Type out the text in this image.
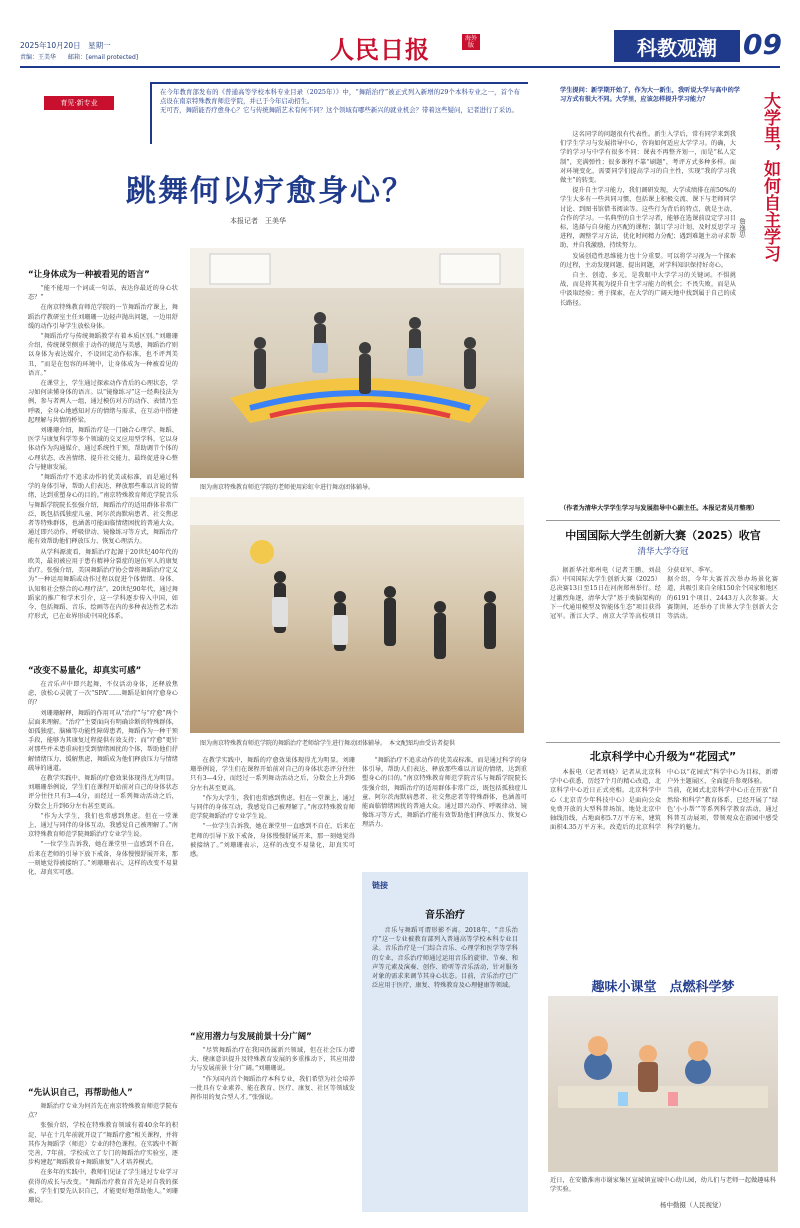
2025年10月20日　星期一
责编：王美华　　邮箱：[email protected]	人民日报	海外版	科教观潮 09
育见·新专业
在今年教育部发布的《普通高等学校本科专业目录（2025年）》中，“舞蹈治疗”被正式列入新增的29个本科专业之一，首个布点设在南京特殊教育师范学院，并已于今年启动招生。
无可否，舞蹈能否疗愈身心？它与传统舞蹈艺术有何不同？这个领域有哪些新兴的就业机会？带着这些疑问，记者进行了采访。
跳舞何以疗愈身心？
本报记者　王美华
“让身体成为一种被看见的语言”

“能不能用一个词或一句话，表达你最近的身心状态？”

在南京特殊教育师范学院的一节舞蹈治疗课上，舞蹈治疗教研室主任刘珊珊一边轻声抛出问题，一边用舒缓的动作引导学生放松身体。

“舞蹈治疗与传统舞蹈教学有着本质区别。”刘珊珊介绍，传统课堂侧重于动作的规范与美感，舞蹈治疗则以身体为表达媒介，不设固定动作标准，也不评判美丑，“而是在包容的环境中，让身体成为一种被看见的语言。”

在课堂上，学生通过探索动作背后的心理状态，学习如何读懂身体的语言。以“镜像练习”这一经典技法为例，参与者两人一组，通过模仿对方的动作、表情乃至呼吸，全身心地感知对方的情绪与需求，在互动中搭建起理解与共情的桥梁。

刘珊珊介绍，舞蹈治疗是一门融合心理学、舞蹈、医学与康复科学等多个领域的交叉应用型学科，它以身体动作为沟通媒介，通过系统性干预，帮助调节个体的心理状态、改善情绪、提升社交能力，最终促进身心整合与健康发展。

“舞蹈治疗不追求动作的优美或标准，而是通过科学的身体引导，帮助人们表达、释放那些难以言说的情绪，达到重塑身心的目的。”南京特殊教育师范学院音乐与舞蹈学院院长张强介绍，舞蹈治疗的适用群体非常广泛，既包括孤独症儿童、阿尔茨海默病患者、社交焦虑者等特殊群体，也涵盖可能面临情绪困扰的普通大众。通过即兴动作、呼吸律动、镜像练习等方式，舞蹈治疗能有效帮助他们释放压力、恢复心理活力。

从学科源流看，舞蹈治疗起源于20世纪40年代的欧美，最初被应用于患有精神分裂症的退伍军人的康复治疗。张强介绍，美国舞蹈治疗协会曾将舞蹈治疗定义为“一种运用舞蹈或动作过程以促进个体情绪、身体、认知和社会整合的心理疗法”。20世纪90年代，通过舞蹈家的推广和学术引介，这一学科逐步传入中国，如今，包括舞蹈、音乐、绘画等在内的多种表达性艺术治疗形式，已在业界形成中国化体系。

“改变不易量化，却真实可感”

在音乐声中即兴起舞，不仅活动身体，还释放焦虑，放松心灵就了一次“SPA”……舞蹈是如何疗愈身心的？

刘珊珊解释，舞蹈的作用可从“治疗”与“疗愈”两个层面来理解。“治疗”主要面向有明确诊断的特殊群体，如孤独症、脑瘫等功能性障碍患者，舞蹈作为一种干预手段，能够为其康复过程提供有效支持；而“疗愈”更针对那些并未患重病但受到情绪困扰的个体，帮助他们抒解情绪压力，缓解焦虑，舞蹈成为他们释放压力与情绪疏导的通道。

在教学实践中，舞蹈的疗愈效果体现得尤为明显。刘珊珊举例说，学生们在课程开始前对自己的身体状态评分往往只有3—4分，而经过一系列舞动活动之后，分数会上升到6分左右甚至更高。

“作为大学生，我们也常感到焦虑。但在一堂课上，通过与同伴的身体互动，我感觉自己被理解了。”南京特殊教育师范学院舞蹈治疗专业学生说。

“一位学生告诉我，她在课堂里一直感到不自在，后来在老师的引导下放下戒备，身体慢慢舒展开来，那一刻她觉得被接纳了。”刘珊珊表示，这样的改变不易量化，却真实可感。

“先认识自己，再帮助他人”

舞蹈治疗专业为何首先在南京特殊教育师范学院布点？

张强介绍，学校在特殊教育领域有着40余年的积淀，早在十几年前就开设了“舞蹈疗愈”相关课程，并将其作为舞蹈学（师范）专业的特色课程。在实践中不断完善，7年前，学校成立了专门的舞蹈治疗实验室，逐步构建起“舞蹈教育+舞蹈康复”人才培养模式。

在多年的实践中，教师们见证了学生通过专业学习获得的成长与改变。“舞蹈治疗教育首先是对自我的探索，学生们要先认识自己，才能更好地帮助他人。”刘珊珊说。

图为南京特殊教育师范学院的老师使用彩虹伞进行舞动团体辅导。
图为南京特殊教育师范学院的舞蹈治疗老师给学生进行舞动团体辅导。　本文配图均由受访者提供

在教学实践中，舞蹈的疗愈效果体现得尤为明显。刘珊珊举例说，学生们在课程开始前对自己的身体状态评分往往只有3—4分，而经过一系列舞动活动之后，分数会上升到6分左右甚至更高。

“作为大学生，我们也常感到焦虑。但在一堂课上，通过与同伴的身体互动，我感觉自己被理解了。”南京特殊教育师范学院舞蹈治疗专业学生说。

“一位学生告诉我，她在课堂里一直感到不自在，后来在老师的引导下放下戒备，身体慢慢舒展开来，那一刻她觉得被接纳了。”刘珊珊表示，这样的改变不易量化，却真实可感。

“应用潜力与发展前景十分广阔”

“尽管舞蹈治疗在我国仍属新兴领域，但在社会压力增大、健康意识提升及特殊教育发展的多重推动下，其应用潜力与发展前景十分广阔。”刘珊珊说。

“作为国内首个舞蹈治疗本科专业，我们希望为社会培养一批具有专业素养、能在教育、医疗、康复、社区等领域发挥作用的复合型人才。”张强说。

“舞蹈治疗不追求动作的优美或标准，而是通过科学的身体引导，帮助人们表达、释放那些难以言说的情绪，达到重塑身心的目的。”南京特殊教育师范学院音乐与舞蹈学院院长张强介绍，舞蹈治疗的适用群体非常广泛，既包括孤独症儿童、阿尔茨海默病患者、社交焦虑者等特殊群体，也涵盖可能面临情绪困扰的普通大众。通过即兴动作、呼吸律动、镜像练习等方式，舞蹈治疗能有效帮助他们释放压力、恢复心理活力。

链接
音乐治疗
音乐与舞蹈可谓形影不离。2018年，“音乐治疗”这一专业被教育部列入普通高等学校本科专业目录。音乐治疗是一门综合音乐、心理学和医学等学科的专业，音乐治疗师通过运用音乐的旋律、节奏、和声等元素及演奏、创作、聆听等音乐活动，针对服务对象的需求来调节其身心状态。目前，音乐治疗已广泛应用于医疗、康复、特殊教育及心理健康等领域。
大学里，如何自主学习
詹逸思
学生提问：新学期开始了，作为大一新生，我听说大学与高中的学习方式有很大不同。大学里，应该怎样提升学习能力？

这名同学的问题很有代表性。新生入学后，常有同学来到我们学生学习与发展指导中心，咨询如何适应大学学习。的确，大学的学习与中学有很多不同：课表不再整齐划一，而是“私人定制”，充满弹性；很多课程不靠“刷题”，考评方式多种多样。面对环境变化，需要同学们提高学习的自主性，实现“我的学习我做主”的转变。

提升自主学习能力，我们调研发现，大学成绩排在前50%的学生大多有一些共同习惯，包括课上积极交流、课下与老师同学讨论、到图书馆借书阅读等。这些行为背后的特点，就是主动、合作的学习。一名典型的自主学习者，能够在选课前设定学习目标，选择与自身能力匹配的课程；制订学习计划，及时反思学习进程，调整学习方法，优化时间精力分配；遇到难题主动寻求帮助，并自我激励、持续努力。

发展创造性思维能力也十分重要。可以将学习视为一个探索的过程，主动发现问题、提出问题，对学科知识保持好奇心。

自主、创造、多元，是我眼中大学学习的关键词。不惧挑战，而是将其视为提升自主学习能力的机会；不畏失败，而是从中汲取经验；勇于探索，在大学的广阔天地中找到属于自己的成长路径。

（作者为清华大学学生学习与发展指导中心副主任。本报记者吴月整理）
中国国际大学生创新大赛（2025）收官
清华大学夺冠
据新华社郑州电（记者王鹏、刘晨浩）中国国际大学生创新大赛（2025）总决赛13日至15日在河南郑州举行。经过激烈角逐，清华大学“基于类脑架构的下一代通用模型及智能体生态”项目获得冠军。浙江大学、南京大学等高校项目分获亚军、季军。
据介绍，今年大赛首次举办场景化赛道，共吸引来自全球150余个国家和地区的6191个项目、2443万人次参赛。大赛期间，还举办了世界大学生创新大会等活动。
北京科学中心升级为“花园式”
本报电（记者刘峣）记者从北京科学中心获悉，历经7个月的精心改造，北京科学中心近日正式亮相。北京科学中心（北京青少年科技中心）是面向公众免费开放的大型科普场馆，地处北京中轴线沿线，占地面积5.7万平方米，建筑面积4.35万平方米。改造后的北京科学中心以“花园式”科学中心为目标，新增户外主题展区，全面提升参观体验。
当前，花园式北京科学中心正在开放“自然给·和科学”教育体系，已经开展了“绿色‘小小帮’”等系列科学教育活动，通过科普互动展项，带领观众在游园中感受科学的魅力。
趣味小课堂　点燃科学梦
近日，在安徽淮南市谢家集区宣城镇宣城中心幼儿园，幼儿们与老师一起做趣味科学实验。
杨中勤摄（人民视觉）
